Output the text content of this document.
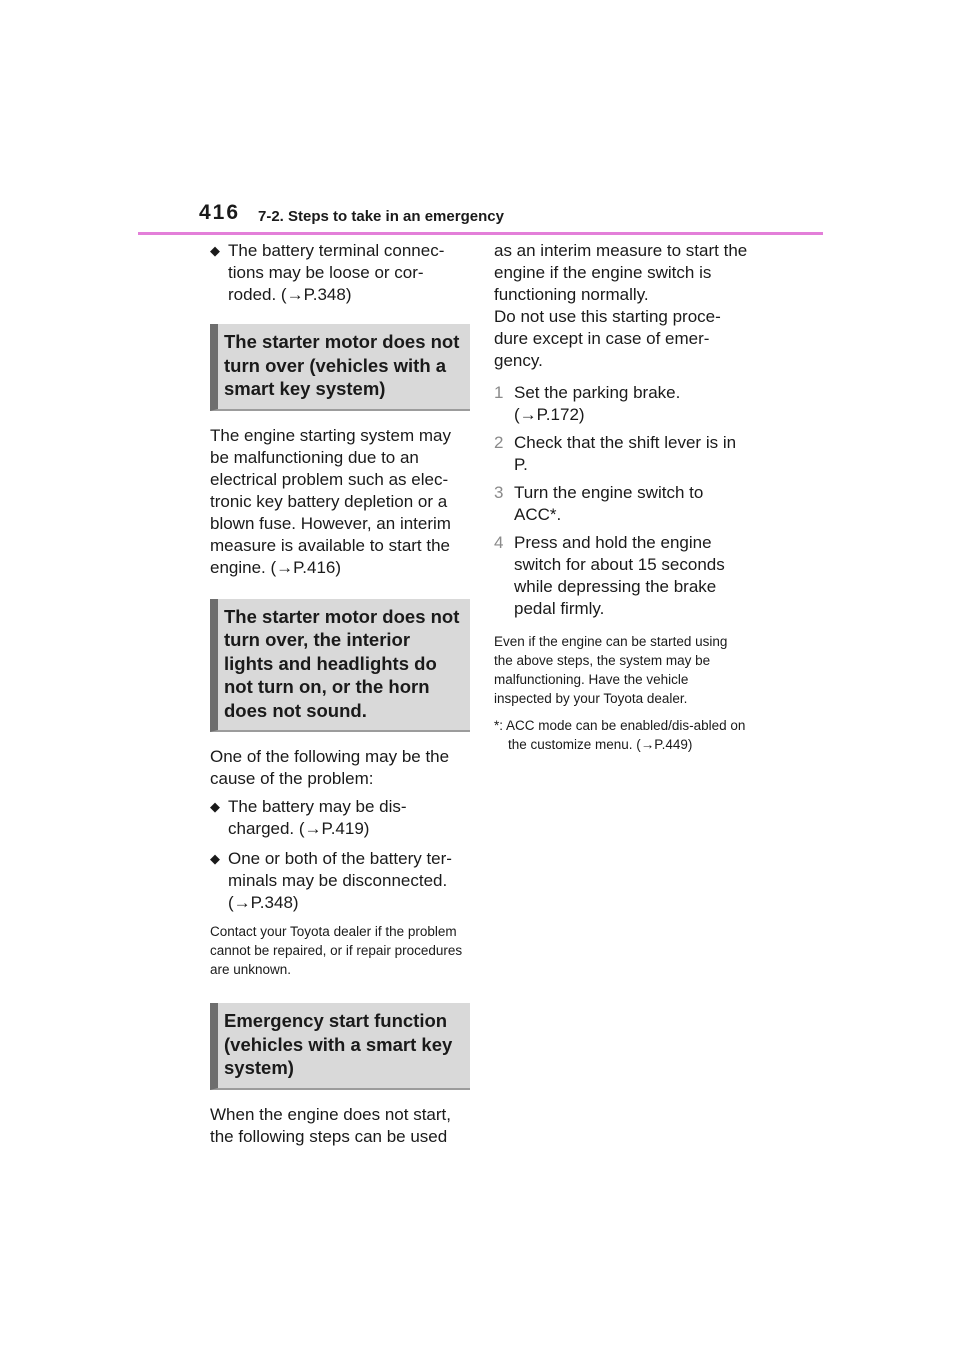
416 7-2. Steps to take in an emergency

◆ The battery terminal connec-tions may be loose or cor-roded. (→P.348)

The starter motor does not turn over (vehicles with a smart key system)

The engine starting system may be malfunctioning due to an electrical problem such as elec-tronic key battery depletion or a blown fuse. However, an interim measure is available to start the engine. (→P.416)

The starter motor does not turn over, the interior lights and headlights do not turn on, or the horn does not sound.

One of the following may be the cause of the problem:

◆ The battery may be dis-charged. (→P.419)

◆ One or both of the battery ter-minals may be disconnected. (→P.348)

Contact your Toyota dealer if the problem cannot be repaired, or if repair procedures are unknown.

Emergency start function (vehicles with a smart key system)

When the engine does not start, the following steps can be used

as an interim measure to start the engine if the engine switch is functioning normally.

Do not use this starting proce-dure except in case of emer-gency.

1 Set the parking brake. (→P.172)

2 Check that the shift lever is in P.

3 Turn the engine switch to ACC*.

4 Press and hold the engine switch for about 15 seconds while depressing the brake pedal firmly.

Even if the engine can be started using the above steps, the system may be malfunctioning. Have the vehicle inspected by your Toyota dealer.

*: ACC mode can be enabled/dis-abled on the customize menu. (→P.449)
